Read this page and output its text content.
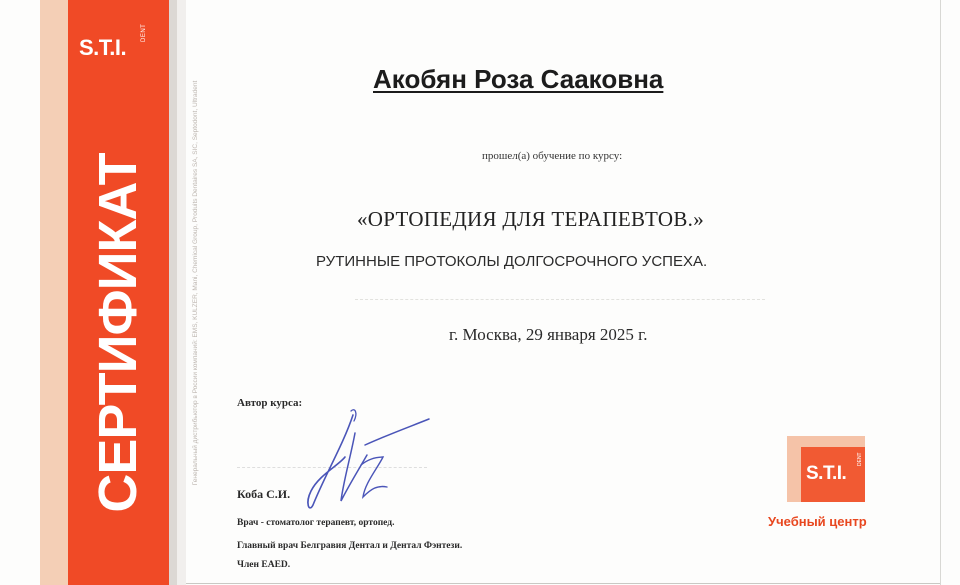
S.T.I.
DENT
СЕРТИФИКАТ	Генеральный дистрибьютор в России компаний: EMS, KULZER, Mani, Chemical Group, Produits Dentaires SA, SIC, Septodont, Ultradent
Акобян Роза Сааковна
прошел(а) обучение по курсу:
«ОРТОПЕДИЯ ДЛЯ ТЕРАПЕВТОВ.»
РУТИННЫЕ ПРОТОКОЛЫ ДОЛГОСРОЧНОГО УСПЕХА.
г. Москва, 29 января 2025 г.
Автор курса:
Коба С.И.
Врач - стоматолог терапевт, ортопед.
Главный врач Белгравия Дентал и Дентал Фэнтези.
Член EAED.
S.T.I.
DENT
Учебный центр
